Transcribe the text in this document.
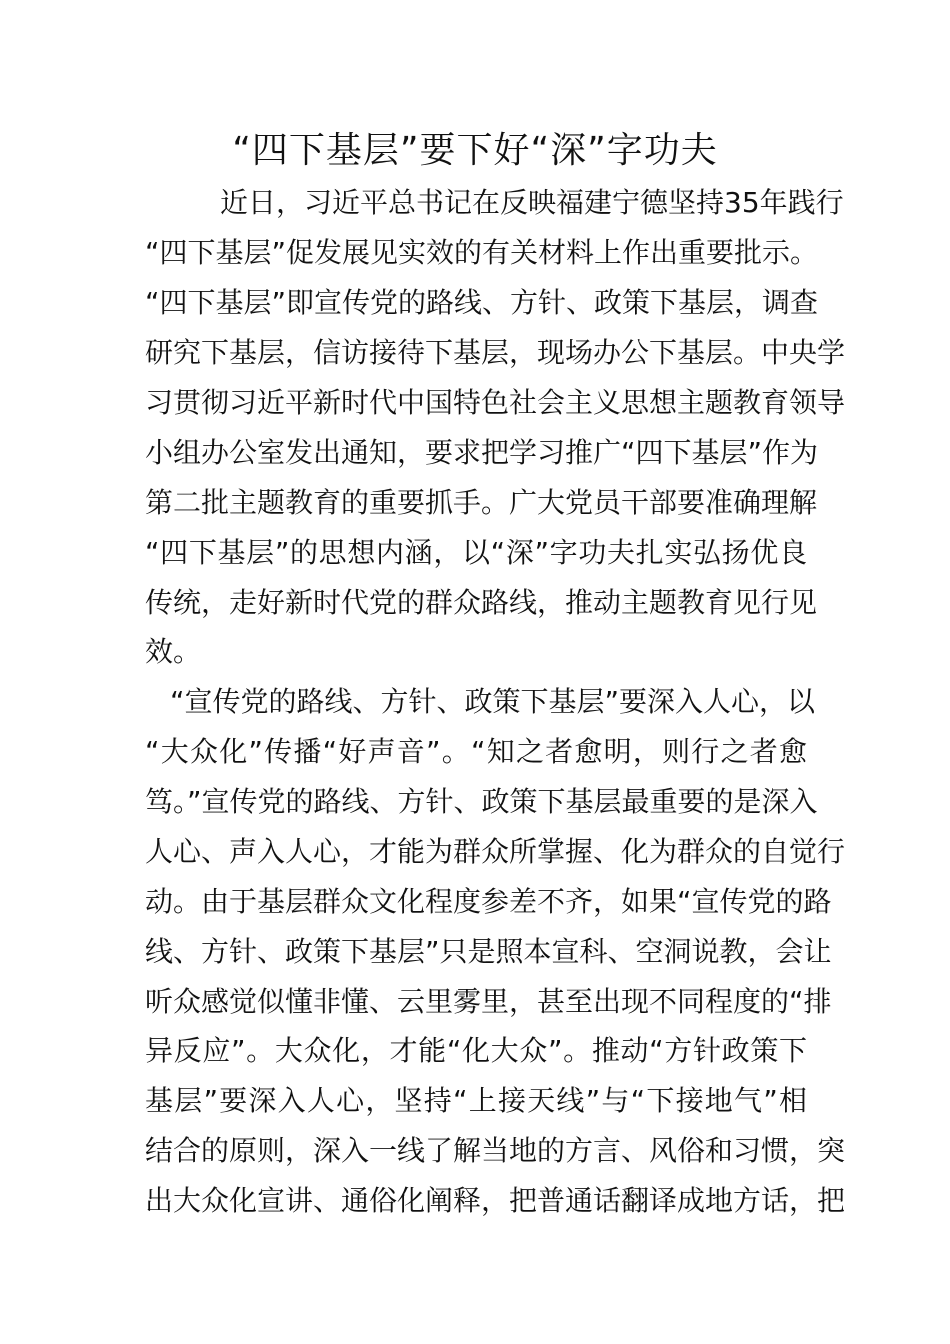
“四下基层”要下好“深”字功夫
近日，习近平总书记在反映福建宁德坚持35年践行
“四下基层”促发展见实效的有关材料上作出重要批示。
“四下基层”即宣传党的路线、方针、政策下基层，调查
研究下基层，信访接待下基层，现场办公下基层。中央学
习贯彻习近平新时代中国特色社会主义思想主题教育领导
小组办公室发出通知，要求把学习推广“四下基层”作为
第二批主题教育的重要抓手。广大党员干部要准确理解
“四下基层”的思想内涵，以“深”字功夫扎实弘扬优良
传统，走好新时代党的群众路线，推动主题教育见行见
效。
“宣传党的路线、方针、政策下基层”要深入人心，以
“大众化”传播“好声音”。“知之者愈明，则行之者愈
笃。”宣传党的路线、方针、政策下基层最重要的是深入
人心、声入人心，才能为群众所掌握、化为群众的自觉行
动。由于基层群众文化程度参差不齐，如果“宣传党的路
线、方针、政策下基层”只是照本宣科、空洞说教，会让
听众感觉似懂非懂、云里雾里，甚至出现不同程度的“排
异反应”。大众化，才能“化大众”。推动“方针政策下
基层”要深入人心，坚持“上接天线”与“下接地气”相
结合的原则，深入一线了解当地的方言、风俗和习惯，突
出大众化宣讲、通俗化阐释，把普通话翻译成地方话，把
